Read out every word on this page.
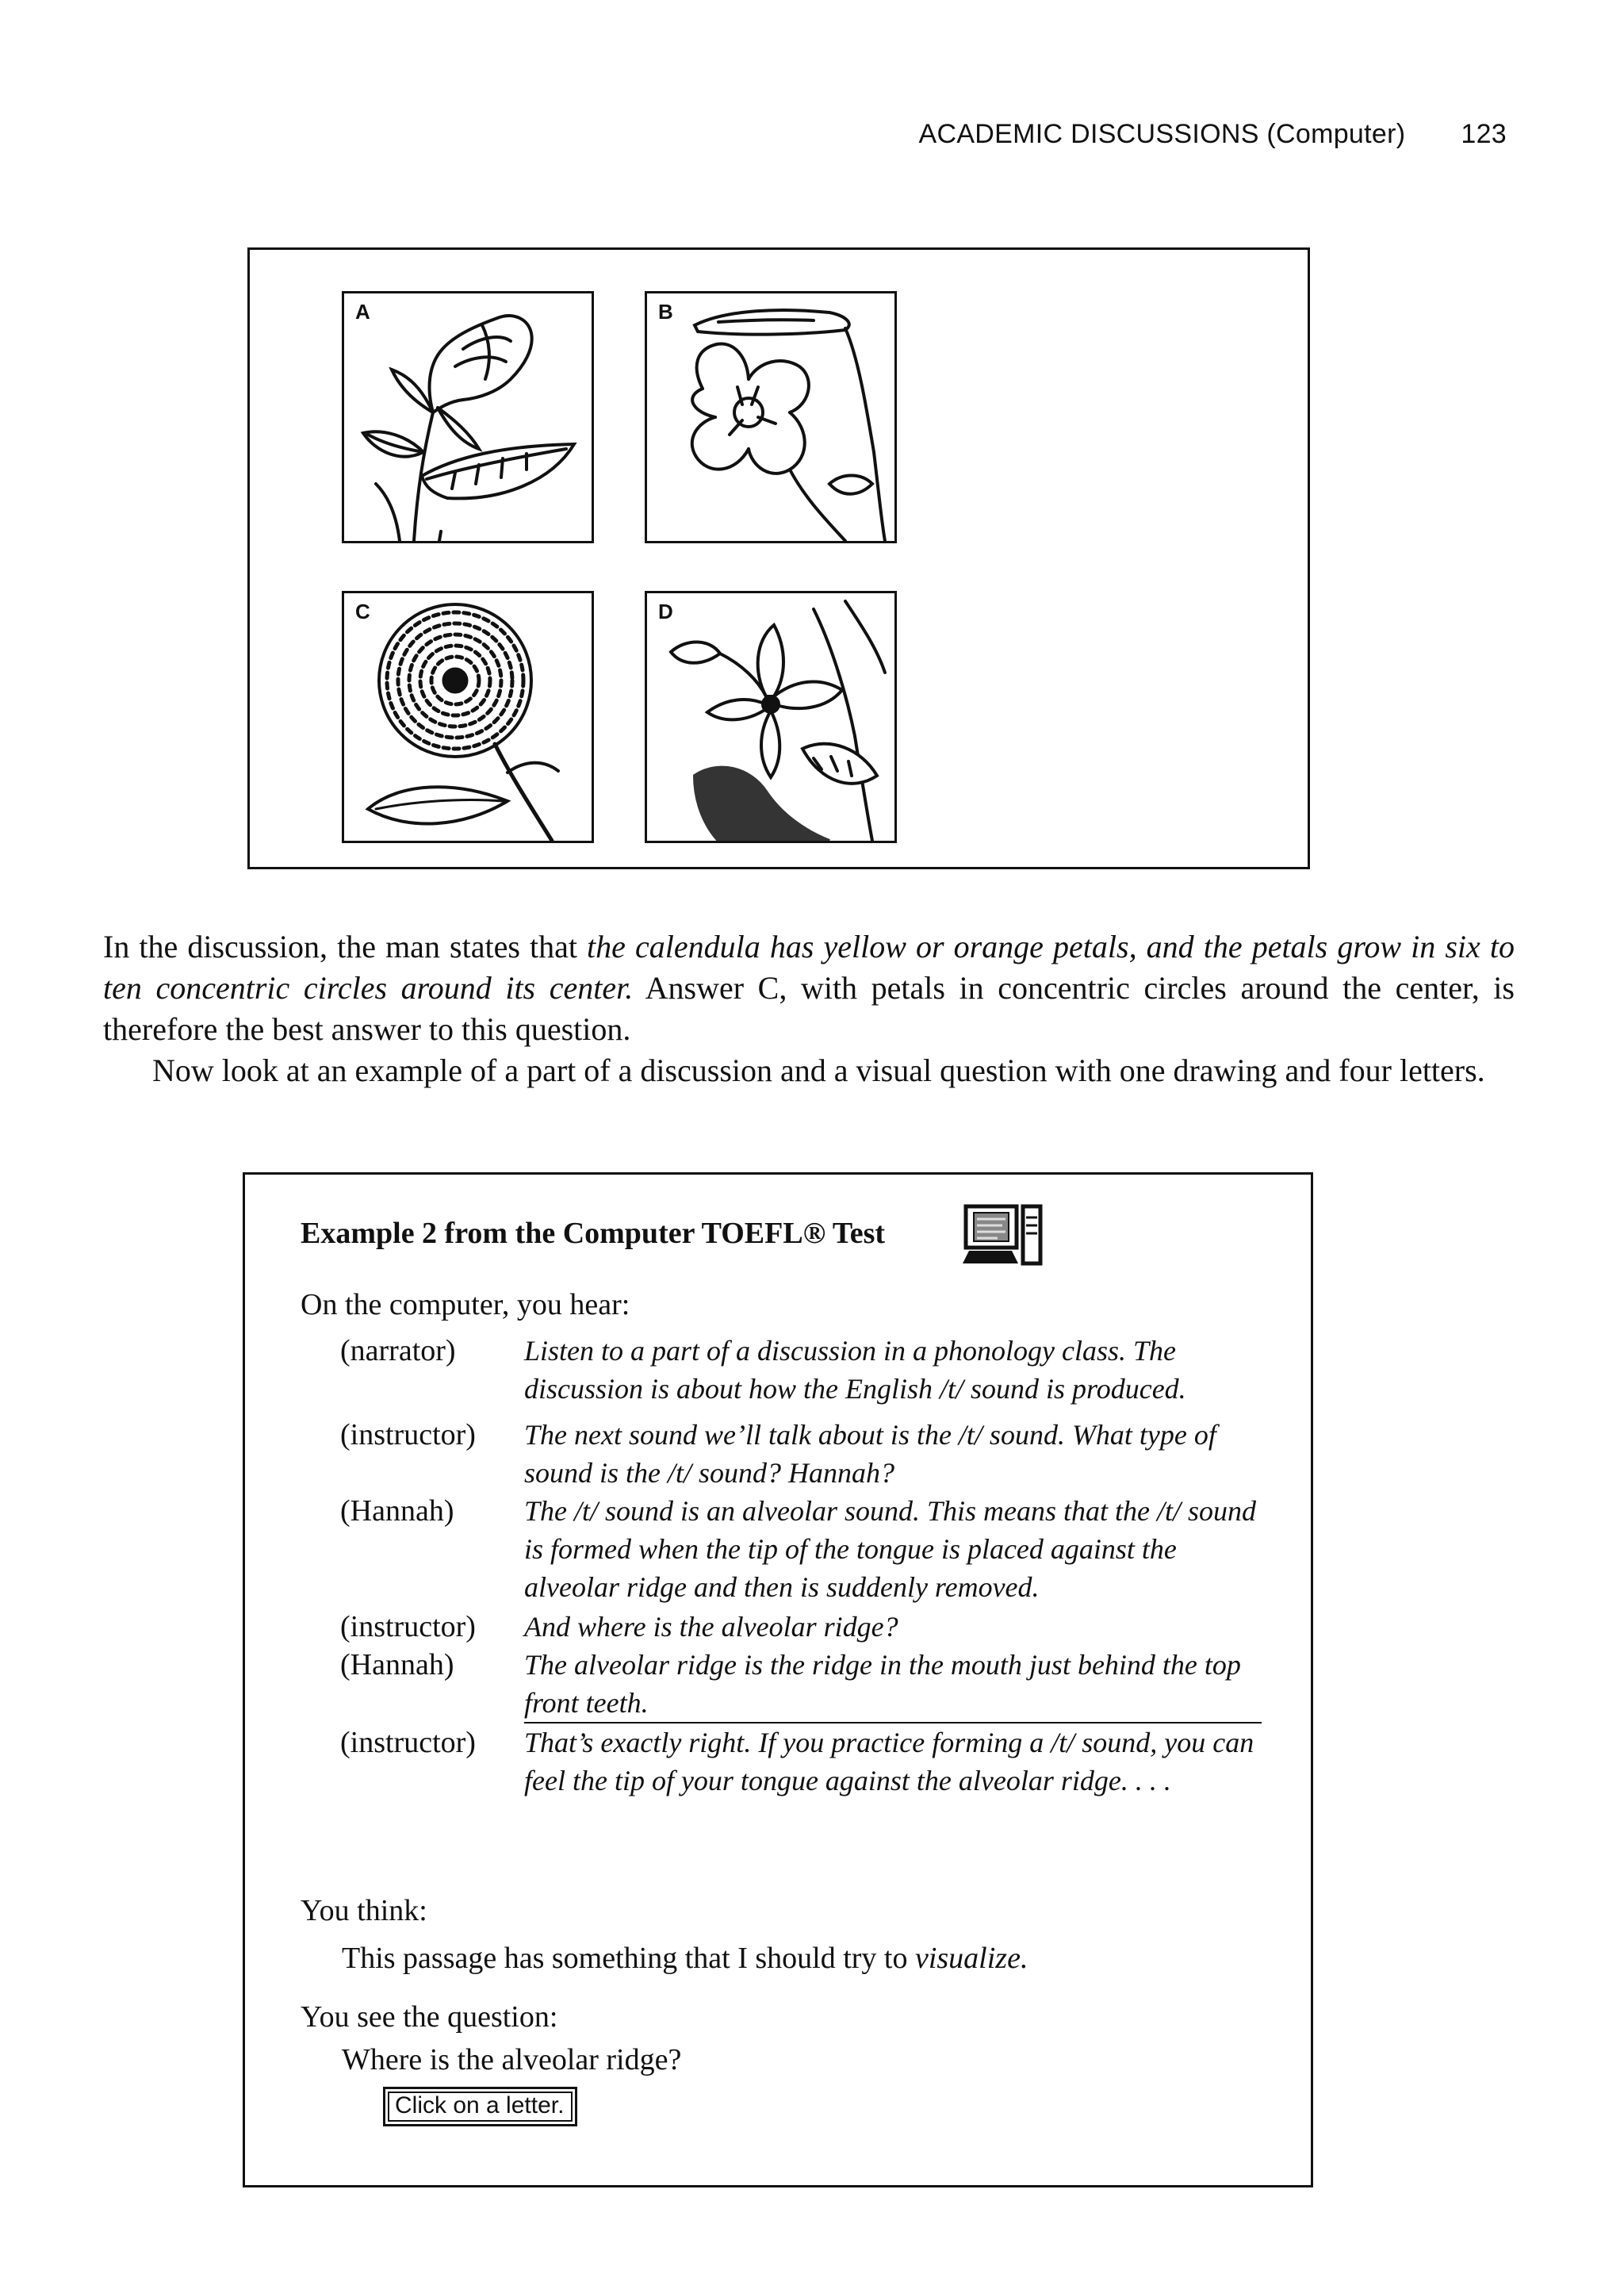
ACADEMIC DISCUSSIONS (Computer) 123
A	B
C	D

In the discussion, the man states that the calendula has yellow or orange petals, and the petals grow in six to ten concentric circles around its center. Answer C, with petals in concentric circles around the center, is therefore the best answer to this question.

Now look at an example of a part of a discussion and a visual question with one drawing and four letters.

Example 2 from the Computer TOEFL® Test
On the computer, you hear:
(narrator)	Listen to a part of a discussion in a phonology class. The discussion is about how the English /t/ sound is produced.
(instructor)	The next sound we’ll talk about is the /t/ sound. What type of sound is the /t/ sound? Hannah?
(Hannah)	The /t/ sound is an alveolar sound. This means that the /t/ sound is formed when the tip of the tongue is placed against the alveolar ridge and then is suddenly removed.
(instructor)	And where is the alveolar ridge?
(Hannah)	The alveolar ridge is the ridge in the mouth just behind the top front teeth.
(instructor)	That’s exactly right. If you practice forming a /t/ sound, you can feel the tip of your tongue against the alveolar ridge. . . .
You think:
This passage has something that I should try to visualize.
You see the question:
Where is the alveolar ridge?
Click on a letter.
